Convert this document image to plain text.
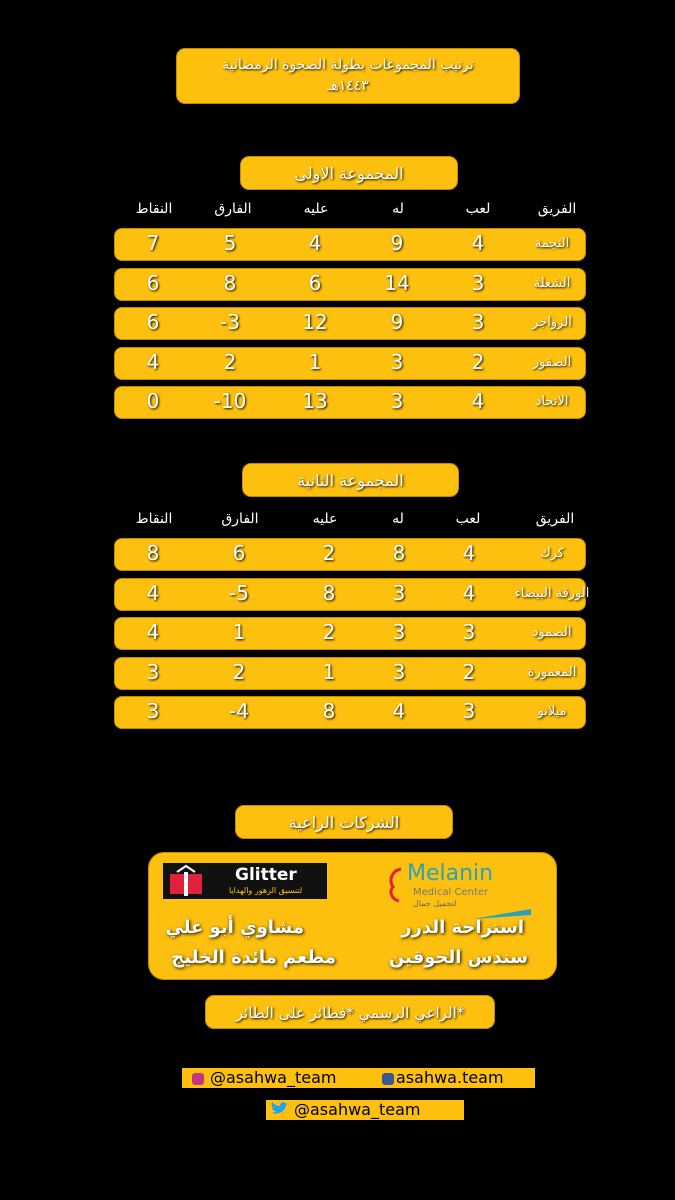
ترتيب المجموعات بطولة الصحوة الرمضانية
١٤٤٣هـ
المجموعة الاولى
الفريق
لعب
له
عليه
الفارق
النقاط
النجمة
4
9
4
5
7
الشعلة
3
14
6
8
6
الزواجر
3
9
12
-3
6
الصقور
2
3
1
2
4
الاتحاد
4
3
13
-10
0
المجموعة الثانية
الفريق
لعب
له
عليه
الفارق
النقاط
كرك
4
8
2
6
8
الورقة البيضاء
4
3
8
-5
4
الصمود
3
3
2
1
4
المعمورة
2
3
1
2
3
ميلانو
3
4
8
-4
3
الشركات الراعية
Glitter
لتنسيق الزهور والهدايا
Melanin
Medical Center
لتجميل جمال
مشاوي أبو علي
مطعم مائدة الخليج
استراحة الدرر
سندس الحوقين
الراعي الرسمي *فطائر على الطائر*
@asahwa_team	asahwa.team
@asahwa_team
